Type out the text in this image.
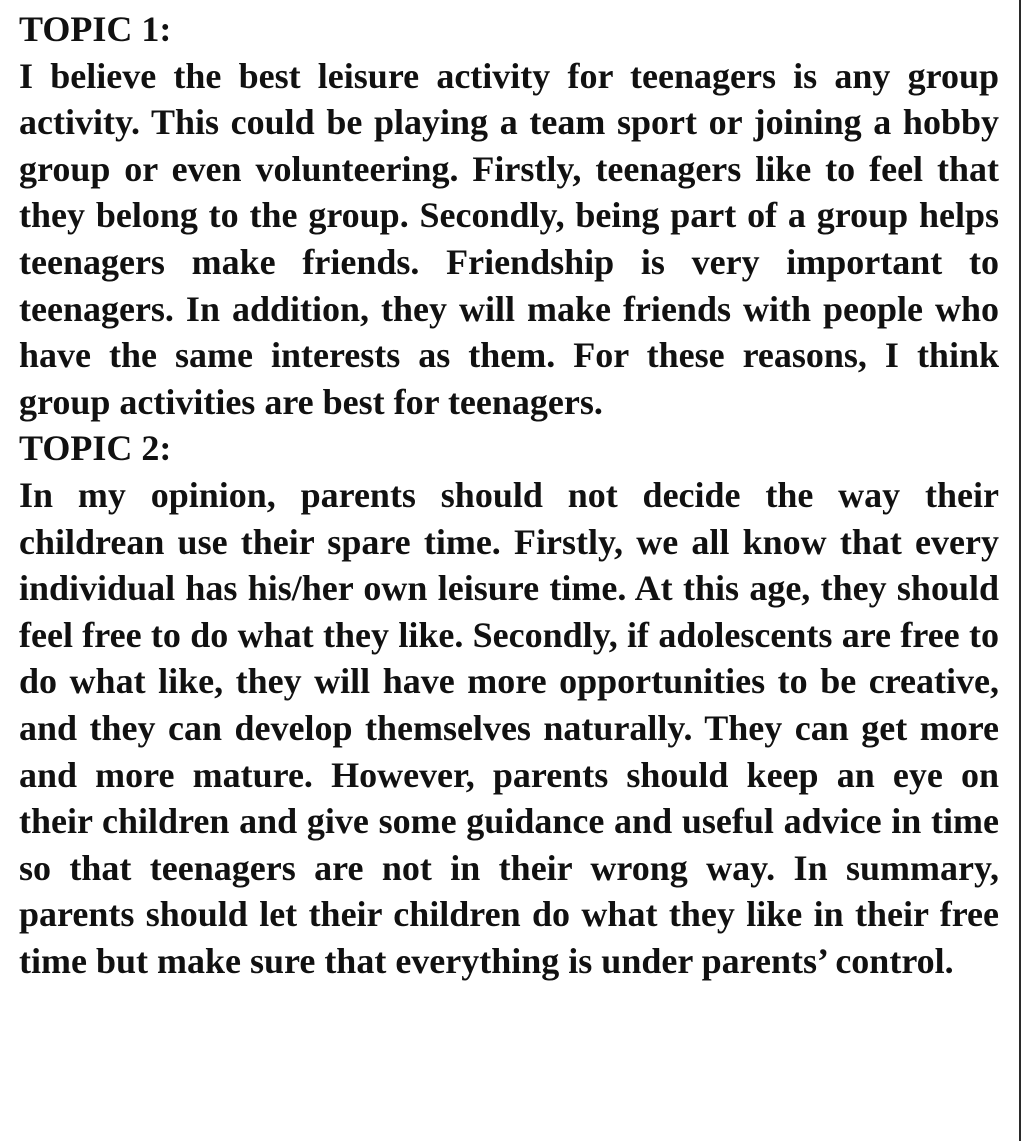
TOPIC 1:

I believe the best leisure activity for teenagers is any group activity. This could be playing a team sport or joining a hobby group or even volunteering. Firstly, teenagers like to feel that they belong to the group. Secondly, being part of a group helps teenagers make friends. Friendship is very important to teenagers. In addition, they will make friends with people who have the same interests as them. For these reasons, I think group activities are best for teenagers.

TOPIC 2:

In my opinion, parents should not decide the way their childrean use their spare time. Firstly, we all know that every individual has his/her own leisure time. At this age, they should feel free to do what they like. Secondly, if adolescents are free to do what like, they will have more opportunities to be creative, and they can develop themselves naturally. They can get more and more mature. However, parents should keep an eye on their children and give some guidance and useful advice in time so that teenagers are not in their wrong way. In summary, parents should let their children do what they like in their free time but make sure that everything is under parents’ control.
